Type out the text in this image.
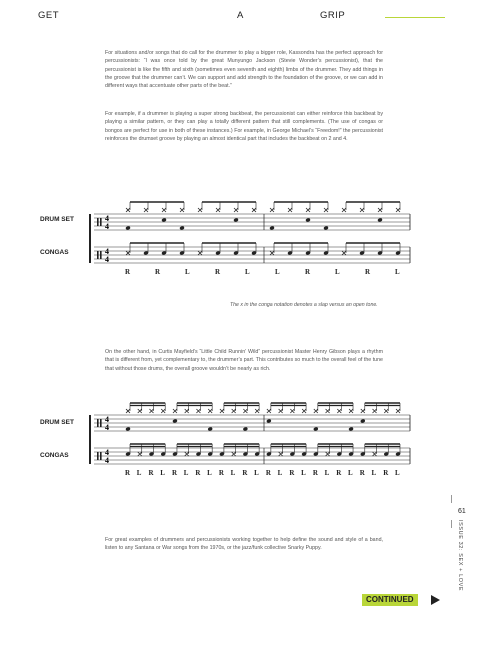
GET	A	GRIP
For situations and/or songs that do call for the drummer to play a bigger role, Kassondra has the perfect approach for percussionists: “I was once told by the great Munyungo Jackson (Stevie Wonder’s percussionist), that the percussionist is like the fifth and sixth (sometimes even seventh and eighth) limbs of the drummer. They add things in the groove that the drummer can’t. We can support and add strength to the foundation of the groove, or we can add in different ways that accentuate other parts of the beat.”
For example, if a drummer is playing a super strong backbeat, the percussionist can either reinforce this backbeat by playing a similar pattern, or they can play a totally different pattern that still complements. (The use of congas or bongos are perfect for use in both of these instances.) For example, in George Michael’s “Freedom!” the percussionist reinforces the drumset groove by playing an almost identical part that includes the backbeat on 2 and 4.
DRUM SET
CONGAS
4
4
4
4
R	R	L	R	L	L	R	L	R	L
The x in the conga notation denotes a slap versus an open tone.
On the other hand, in Curtis Mayfield’s “Little Child Runnin’ Wild” percussionist Master Henry Gibson plays a rhythm that is different from, yet complementary to, the drummer’s part. This contributes so much to the overall feel of the tune that without those drums, the overall groove wouldn’t be nearly as rich.
DRUM SET
CONGAS
4
4
4
4
R L R L R L R L R L R L R L R L R L R L R L R L
For great examples of drummers and percussionists working together to help define the sound and style of a band, listen to any Santana or War songs from the 1970s, or the jazz/funk collective Snarky Puppy.
61
ISSUE 32: SEX + LOVE
CONTINUED
